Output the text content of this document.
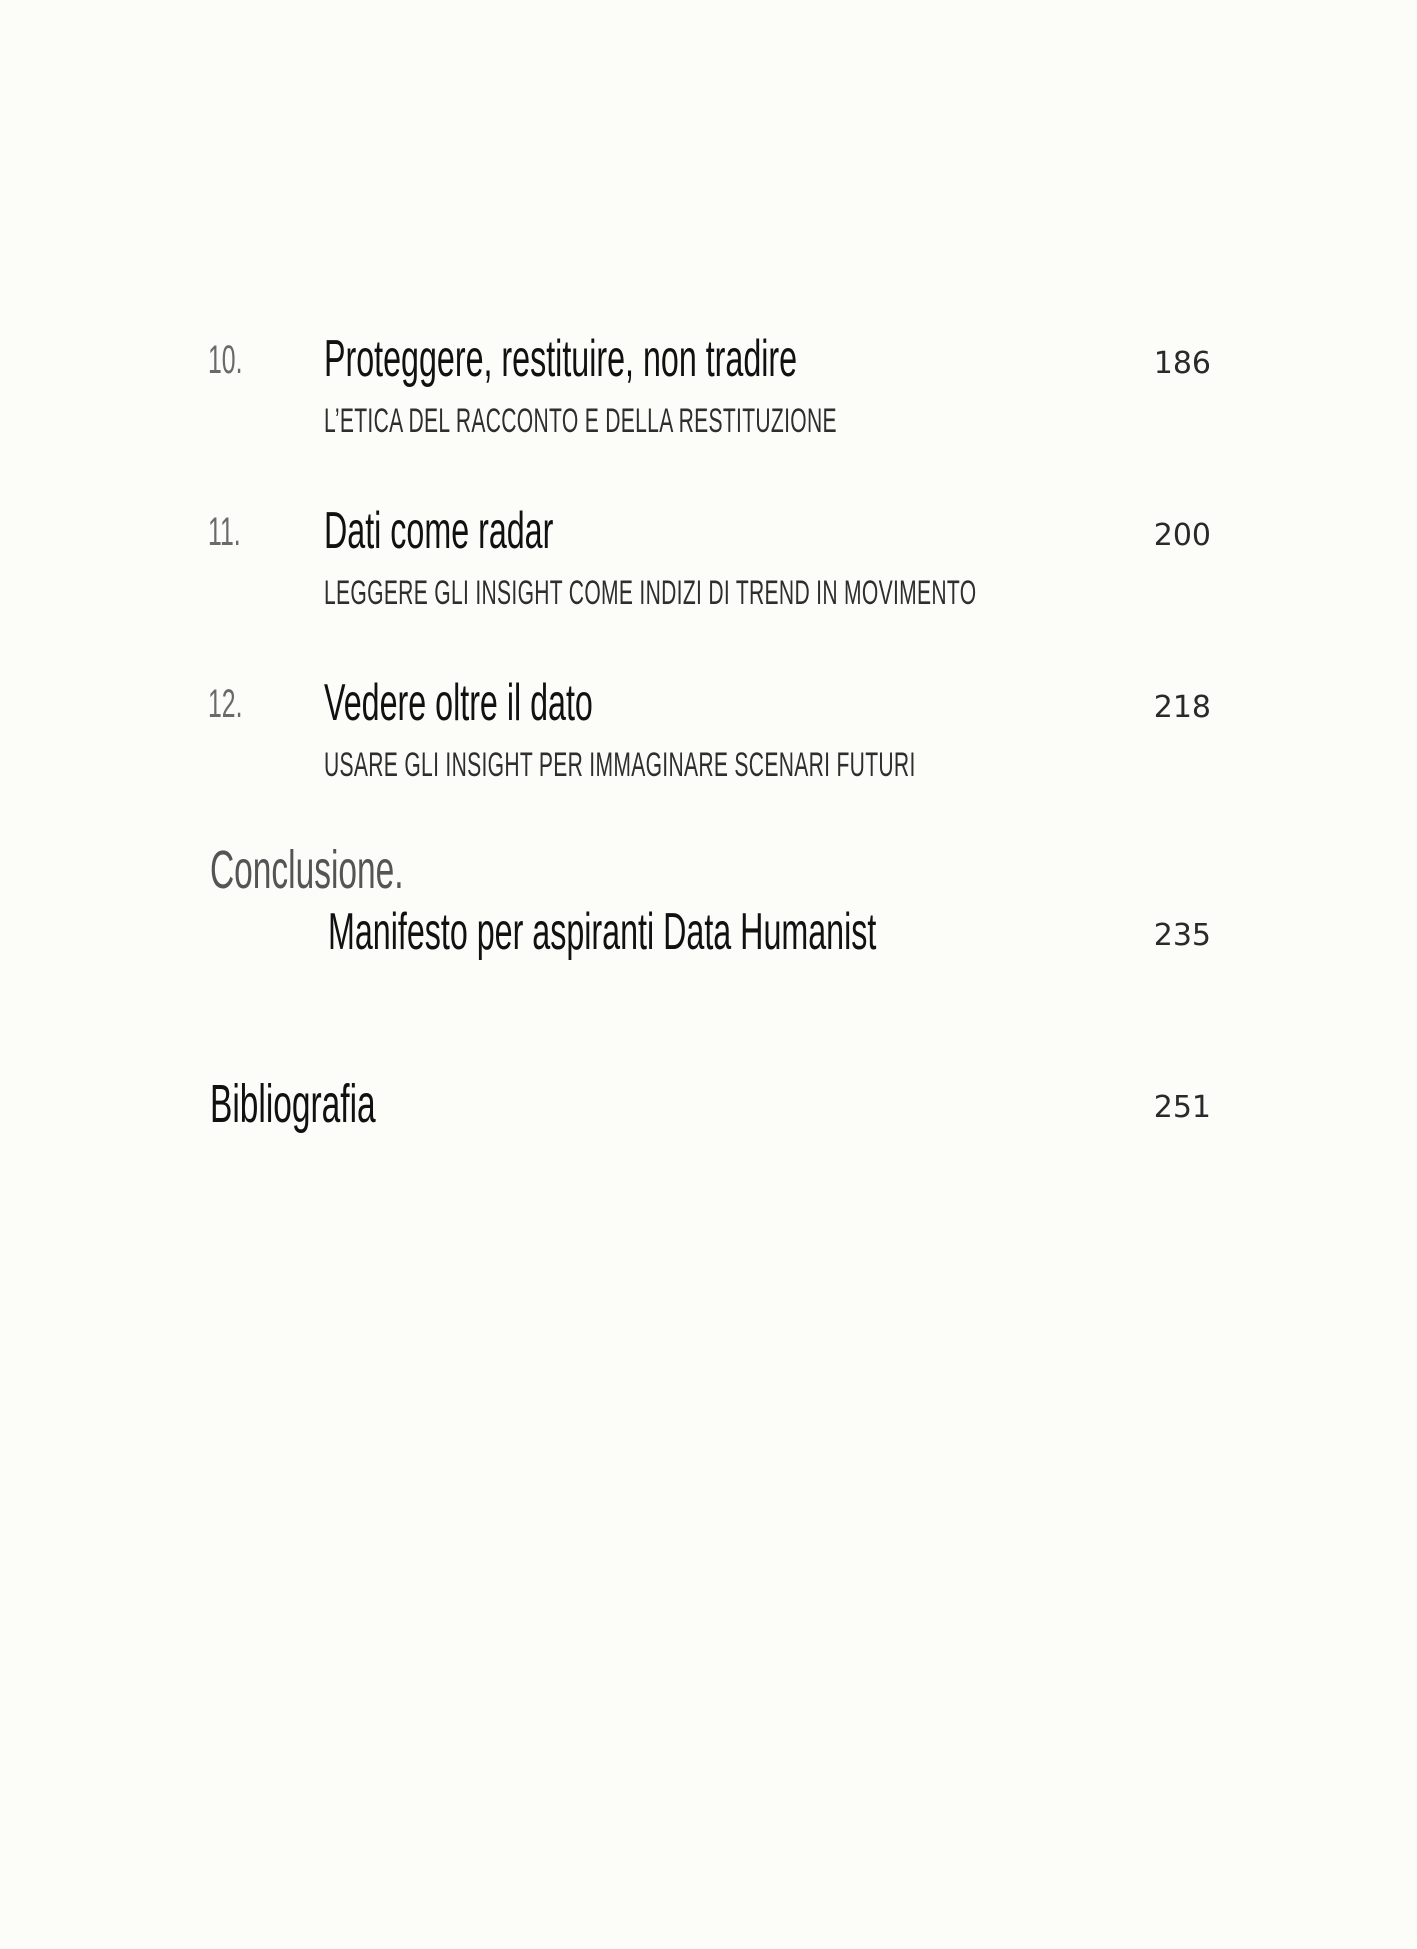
10. Proteggere, restituire, non tradire	186
L’ETICA DEL RACCONTO E DELLA RESTITUZIONE
11. Dati come radar	200
LEGGERE GLI INSIGHT COME INDIZI DI TREND IN MOVIMENTO
12. Vedere oltre il dato	218
USARE GLI INSIGHT PER IMMAGINARE SCENARI FUTURI
Conclusione.
Manifesto per aspiranti Data Humanist	235
Bibliografia	251
